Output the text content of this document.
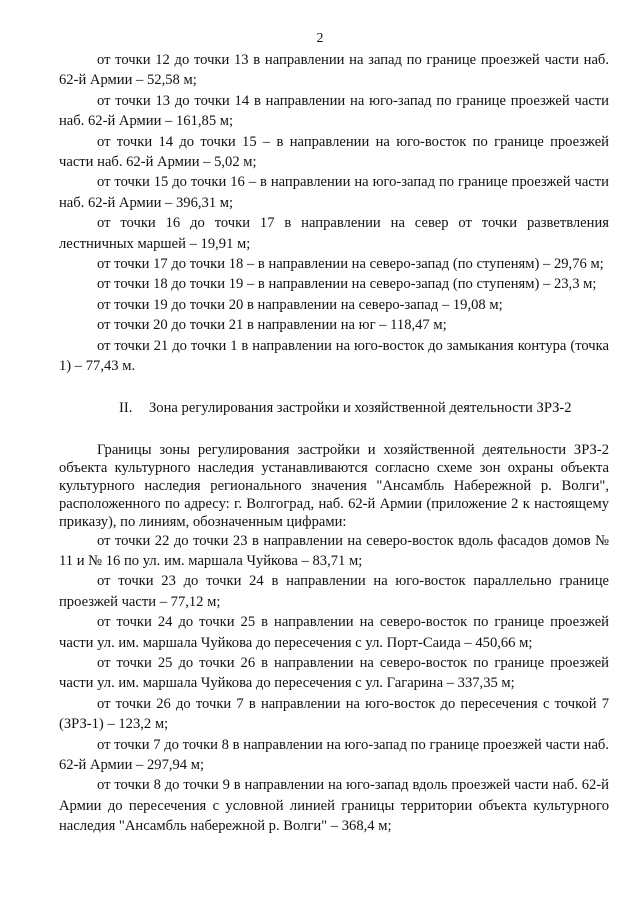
2

от точки 12 до точки 13 в направлении на запад по границе проезжей части наб. 62-й Армии – 52,58 м;

от точки 13 до точки 14 в направлении на юго-запад по границе проезжей части наб. 62-й Армии – 161,85 м;

от точки 14 до точки 15 – в направлении на юго-восток по границе проезжей части наб. 62-й Армии – 5,02 м;

от точки 15 до точки 16 – в направлении на юго-запад по границе проезжей части наб. 62-й Армии – 396,31 м;

от точки 16 до точки 17 в направлении на север от точки разветвления лестничных маршей – 19,91 м;

от точки 17 до точки 18 – в направлении на северо-запад (по ступеням) – 29,76 м;

от точки 18 до точки 19 – в направлении на северо-запад (по ступеням) – 23,3 м;

от точки 19 до точки 20 в направлении на северо-запад – 19,08 м;

от точки 20 до точки 21 в направлении на юг – 118,47 м;

от точки 21 до точки 1 в направлении на юго-восток до замыкания контура (точка 1) – 77,43 м.

II. Зона регулирования застройки и хозяйственной деятельности ЗРЗ-2

Границы зоны регулирования застройки и хозяйственной деятельности ЗРЗ-2 объекта культурного наследия устанавливаются согласно схеме зон охраны объекта культурного наследия регионального значения "Ансамбль Набережной р. Волги", расположенного по адресу: г. Волгоград, наб. 62-й Армии (приложение 2 к настоящему приказу), по линиям, обозначенным цифрами:

от точки 22 до точки 23 в направлении на северо-восток вдоль фасадов домов № 11 и № 16 по ул. им. маршала Чуйкова – 83,71 м;

от точки 23 до точки 24 в направлении на юго-восток параллельно границе проезжей части – 77,12 м;

от точки 24 до точки 25 в направлении на северо-восток по границе проезжей части ул. им. маршала Чуйкова до пересечения с ул. Порт-Саида – 450,66 м;

от точки 25 до точки 26 в направлении на северо-восток по границе проезжей части ул. им. маршала Чуйкова до пересечения с ул. Гагарина – 337,35 м;

от точки 26 до точки 7 в направлении на юго-восток до пересечения с точкой 7 (ЗРЗ-1) – 123,2 м;

от точки 7 до точки 8 в направлении на юго-запад по границе проезжей части наб. 62-й Армии – 297,94 м;

от точки 8 до точки 9 в направлении на юго-запад вдоль проезжей части наб. 62-й Армии до пересечения с условной линией границы территории объекта культурного наследия "Ансамбль набережной р. Волги" – 368,4 м;
